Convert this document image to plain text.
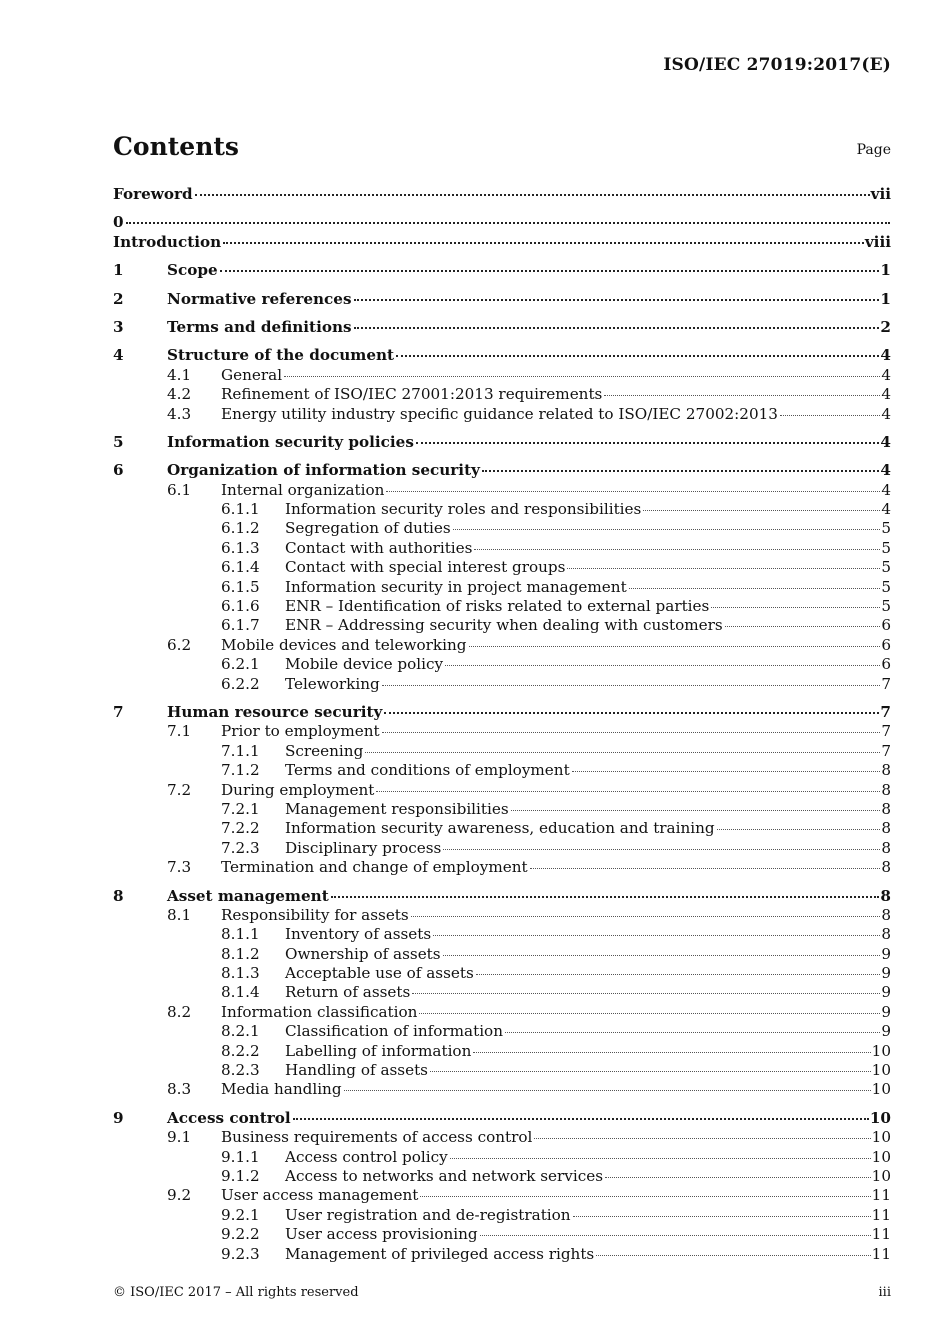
ISO/IEC 27019:2017(E)
Contents	Page
Foreword	vii
0
Introduction	viii
1	Scope	1
2	Normative references	1
3	Terms and definitions	2
4	Structure of the document	4
4.1 General	4
4.2 Refinement of ISO/IEC 27001:2013 requirements	4
4.3 Energy utility industry specific guidance related to ISO/IEC 27002:2013	4
5	Information security policies	4
6	Organization of information security	4
6.1 Internal organization	4
6.1.1 Information security roles and responsibilities	4
6.1.2 Segregation of duties	5
6.1.3 Contact with authorities	5
6.1.4 Contact with special interest groups	5
6.1.5 Information security in project management	5
6.1.6 ENR – Identification of risks related to external parties	5
6.1.7 ENR – Addressing security when dealing with customers	6
6.2 Mobile devices and teleworking	6
6.2.1 Mobile device policy	6
6.2.2 Teleworking	7
7	Human resource security	7
7.1 Prior to employment	7
7.1.1 Screening	7
7.1.2 Terms and conditions of employment	8
7.2 During employment	8
7.2.1 Management responsibilities	8
7.2.2 Information security awareness, education and training	8
7.2.3 Disciplinary process	8
7.3 Termination and change of employment	8
8	Asset management	8
8.1 Responsibility for assets	8
8.1.1 Inventory of assets	8
8.1.2 Ownership of assets	9
8.1.3 Acceptable use of assets	9
8.1.4 Return of assets	9
8.2 Information classification	9
8.2.1 Classification of information	9
8.2.2 Labelling of information	10
8.2.3 Handling of assets	10
8.3 Media handling	10
9	Access control	10
9.1 Business requirements of access control	10
9.1.1 Access control policy	10
9.1.2 Access to networks and network services	10
9.2 User access management	11
9.2.1 User registration and de-registration	11
9.2.2 User access provisioning	11
9.2.3 Management of privileged access rights	11
© ISO/IEC 2017 – All rights reserved	iii
